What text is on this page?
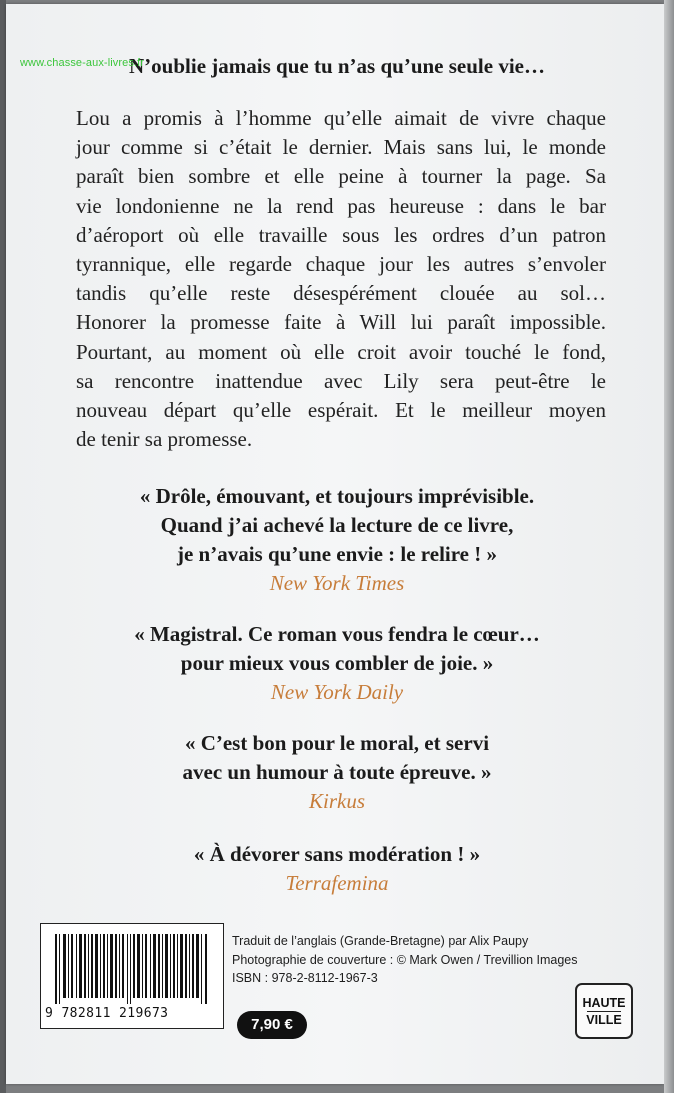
www.chasse-aux-livres.fr
N’oublie jamais que tu n’as qu’une seule vie…
Lou a promis à l’homme qu’elle aimait de vivre chaque
jour comme si c’était le dernier. Mais sans lui, le monde
paraît bien sombre et elle peine à tourner la page. Sa
vie londonienne ne la rend pas heureuse : dans le bar
d’aéroport où elle travaille sous les ordres d’un patron
tyrannique, elle regarde chaque jour les autres s’envoler
tandis qu’elle reste désespérément clouée au sol…
Honorer la promesse faite à Will lui paraît impossible.
Pourtant, au moment où elle croit avoir touché le fond,
sa rencontre inattendue avec Lily sera peut-être le
nouveau départ qu’elle espérait. Et le meilleur moyen
de tenir sa promesse.
« Drôle, émouvant, et toujours imprévisible.
Quand j’ai achevé la lecture de ce livre,
je n’avais qu’une envie : le relire ! »
New York Times
« Magistral. Ce roman vous fendra le cœur…
pour mieux vous combler de joie. »
New York Daily
« C’est bon pour le moral, et servi
avec un humour à toute épreuve. »
Kirkus
« À dévorer sans modération ! »
Terrafemina
9 782811 219673
Traduit de l’anglais (Grande-Bretagne) par Alix Paupy
Photographie de couverture : © Mark Owen / Trevillion Images
ISBN : 978-2-8112-1967-3
7,90 €
HAUTE
VILLE
